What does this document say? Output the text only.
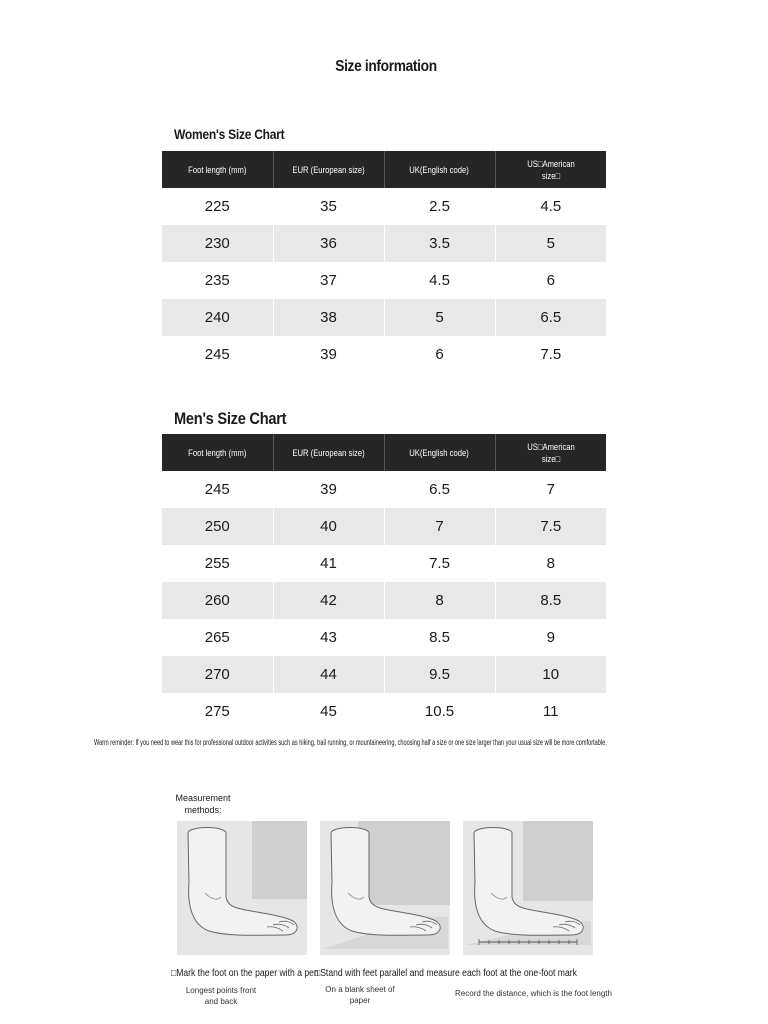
Size information
Women's Size Chart
Foot length (mm)	EUR (European size)	UK(English code)	US□American size□
225	35	2.5	4.5
230	36	3.5	5
235	37	4.5	6
240	38	5	6.5
245	39	6	7.5
Men's Size Chart
Foot length (mm)	EUR (European size)	UK(English code)	US□American size□
245	39	6.5	7
250	40	7	7.5
255	41	7.5	8
260	42	8	8.5
265	43	8.5	9
270	44	9.5	10
275	45	10.5	11
Warm reminder: If you need to wear this for professional outdoor activities such as hiking, trail running, or mountaineering, choosing half a size or one size larger than your usual size will be more comfortable.
Measurement methods:
□Mark the foot on the paper with a pen
□Stand with feet parallel and measure each foot at the one-foot mark
Longest points front and back
On a blank sheet of paper
Record the distance, which is the foot length
